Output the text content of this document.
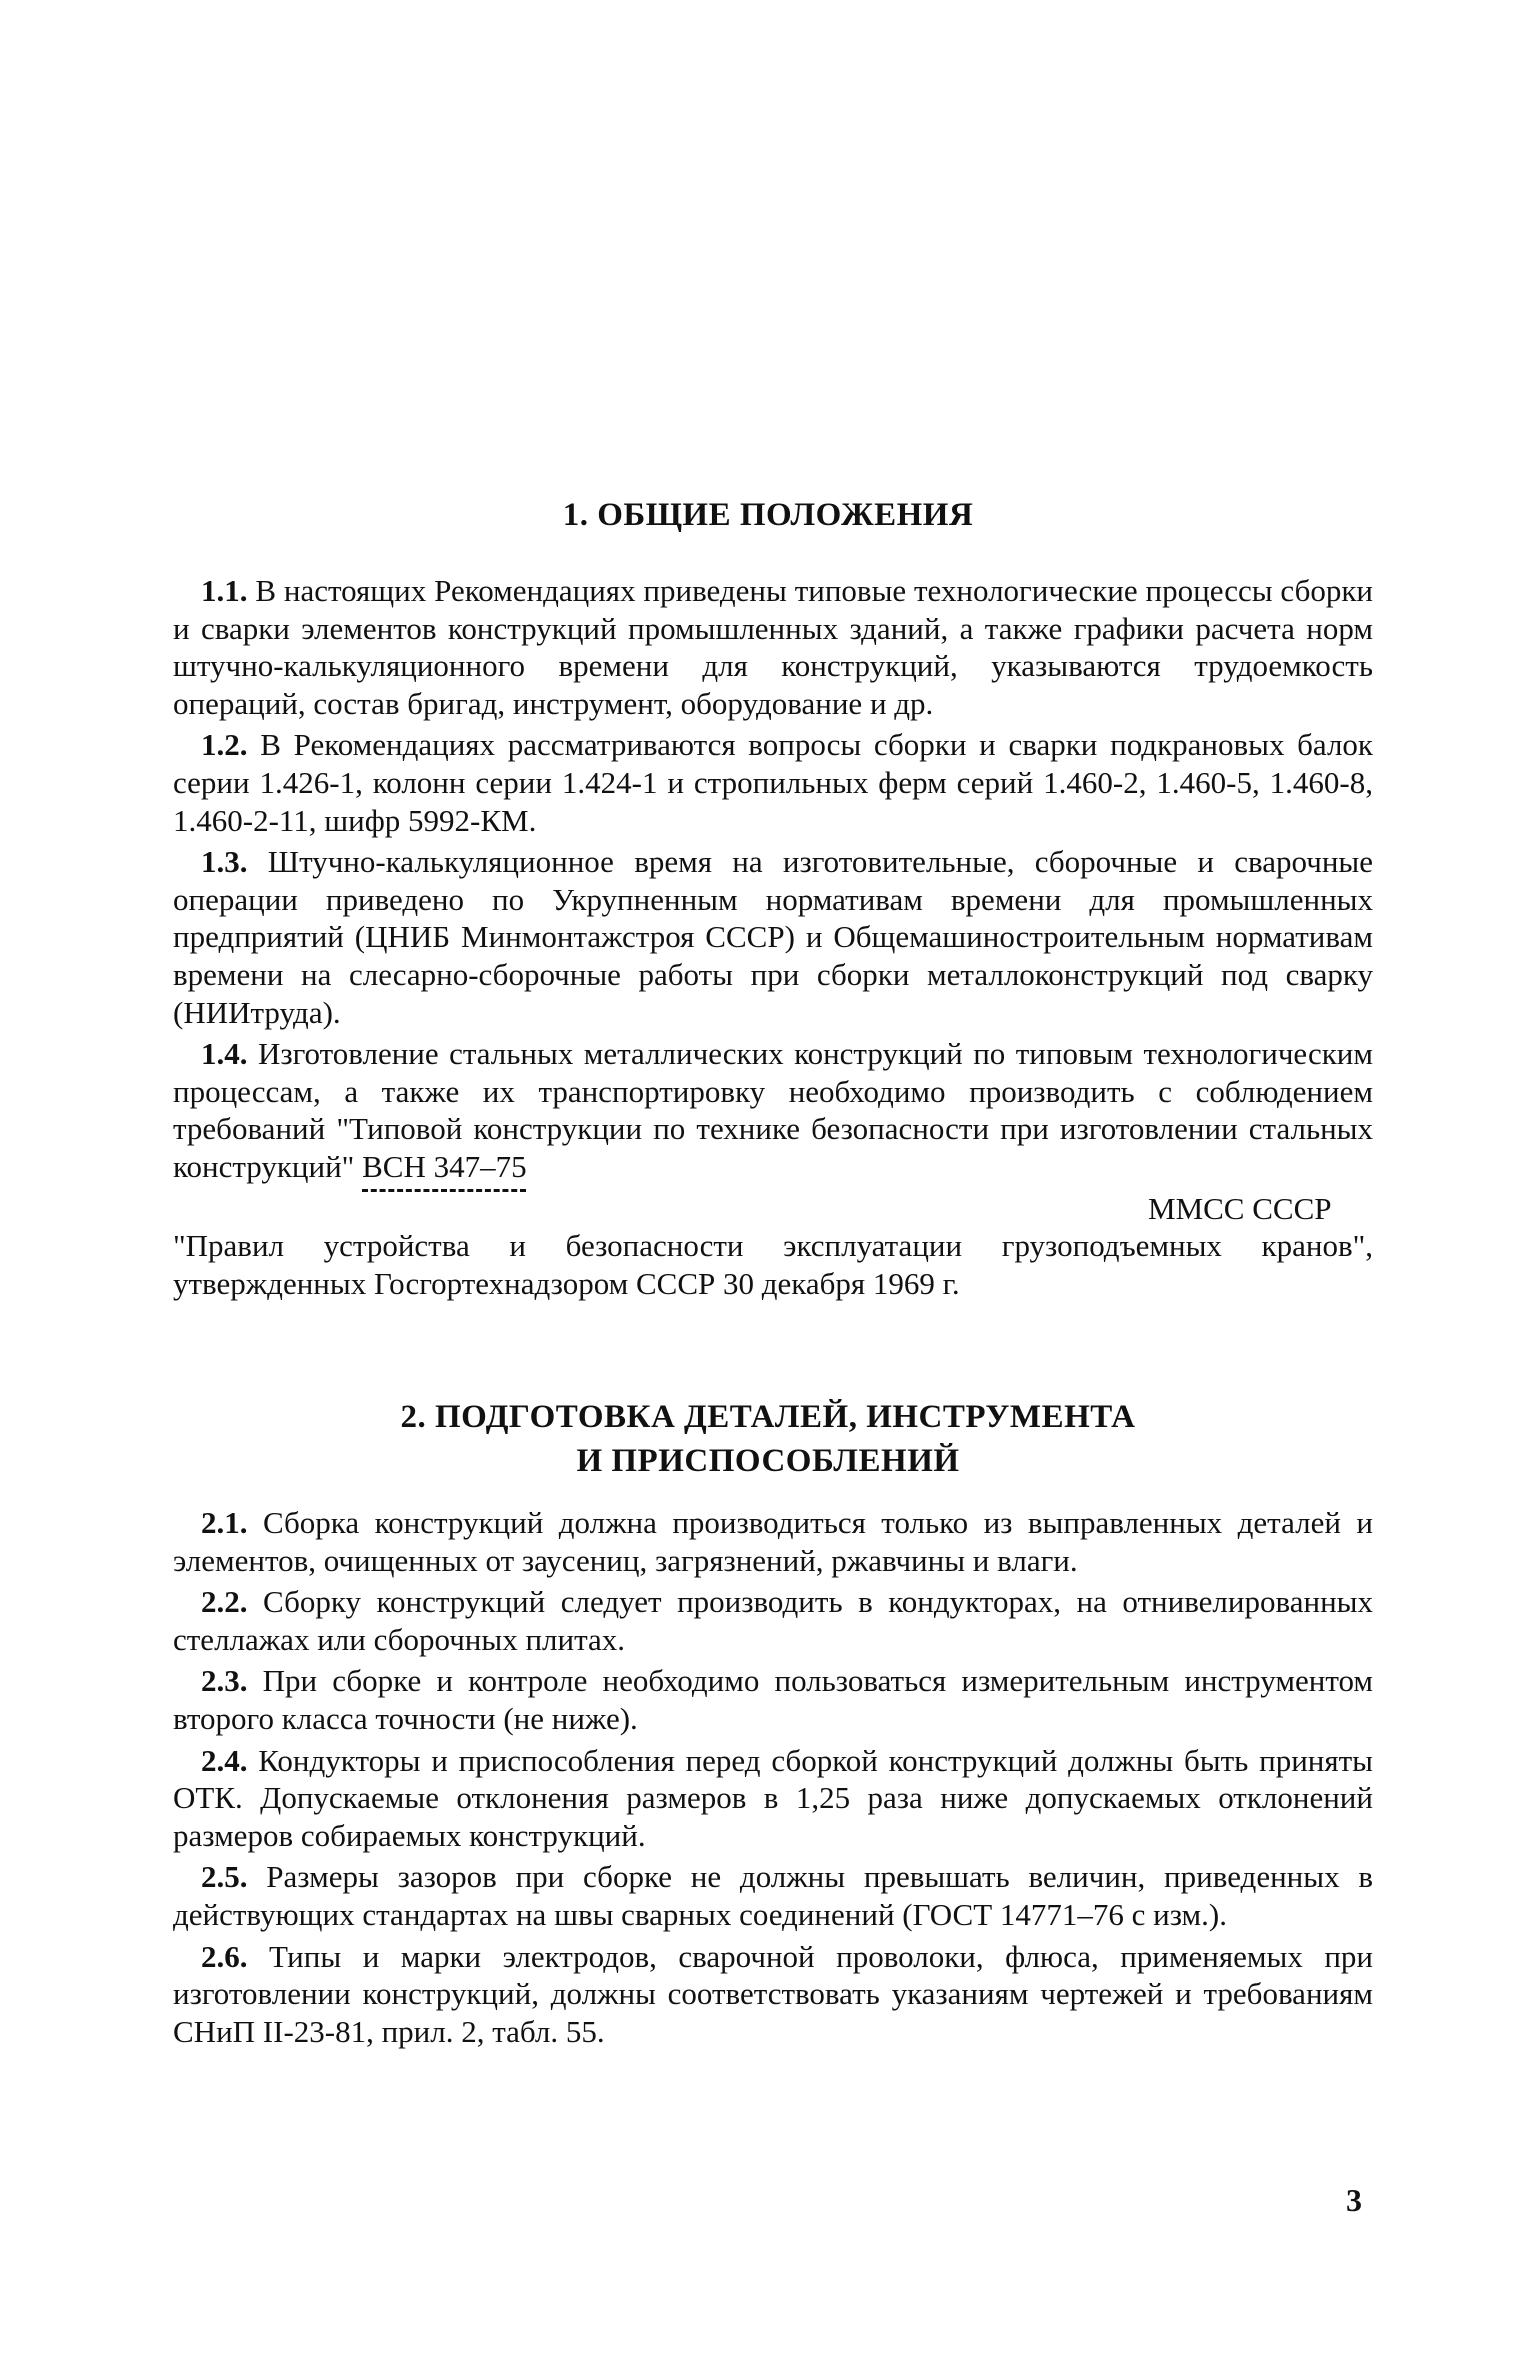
1. ОБЩИЕ ПОЛОЖЕНИЯ

1.1. В настоящих Рекомендациях приведены типовые технологические процессы сборки и сварки элементов конструкций промышленных зданий, а также графики расчета норм штучно-калькуляционного времени для конструкций, указываются трудоемкость операций, состав бригад, инструмент, оборудование и др.

1.2. В Рекомендациях рассматриваются вопросы сборки и сварки подкрановых балок серии 1.426-1, колонн серии 1.424-1 и стропильных ферм серий 1.460-2, 1.460-5, 1.460-8, 1.460-2-11, шифр 5992-КМ.

1.3. Штучно-калькуляционное время на изготовительные, сборочные и сварочные операции приведено по Укрупненным нормативам времени для промышленных предприятий (ЦНИБ Минмонтажстроя СССР) и Общемашиностроительным нормативам времени на слесарно-сборочные работы при сборки металлоконструкций под сварку (НИИтруда).

1.4. Изготовление стальных металлических конструкций по типовым технологическим процессам, а также их транспортировку необходимо производить с соблюдением требований "Типовой конструкции по технике безопасности при изготовлении стальных конструкций" ВСН 347–75

ММСС СССР

"Правил устройства и безопасности эксплуатации грузоподъемных кранов", утвержденных Госгортехнадзором СССР 30 декабря 1969 г.

2. ПОДГОТОВКА ДЕТАЛЕЙ, ИНСТРУМЕНТА
И ПРИСПОСОБЛЕНИЙ

2.1. Сборка конструкций должна производиться только из выправленных деталей и элементов, очищенных от заусениц, загрязнений, ржавчины и влаги.

2.2. Сборку конструкций следует производить в кондукторах, на отнивелированных стеллажах или сборочных плитах.

2.3. При сборке и контроле необходимо пользоваться измерительным инструментом второго класса точности (не ниже).

2.4. Кондукторы и приспособления перед сборкой конструкций должны быть приняты ОТК. Допускаемые отклонения размеров в 1,25 раза ниже допускаемых отклонений размеров собираемых конструкций.

2.5. Размеры зазоров при сборке не должны превышать величин, приведенных в действующих стандартах на швы сварных соединений (ГОСТ 14771–76 с изм.).

2.6. Типы и марки электродов, сварочной проволоки, флюса, применяемых при изготовлении конструкций, должны соответствовать указаниям чертежей и требованиям СНиП II-23-81, прил. 2, табл. 55.

3
